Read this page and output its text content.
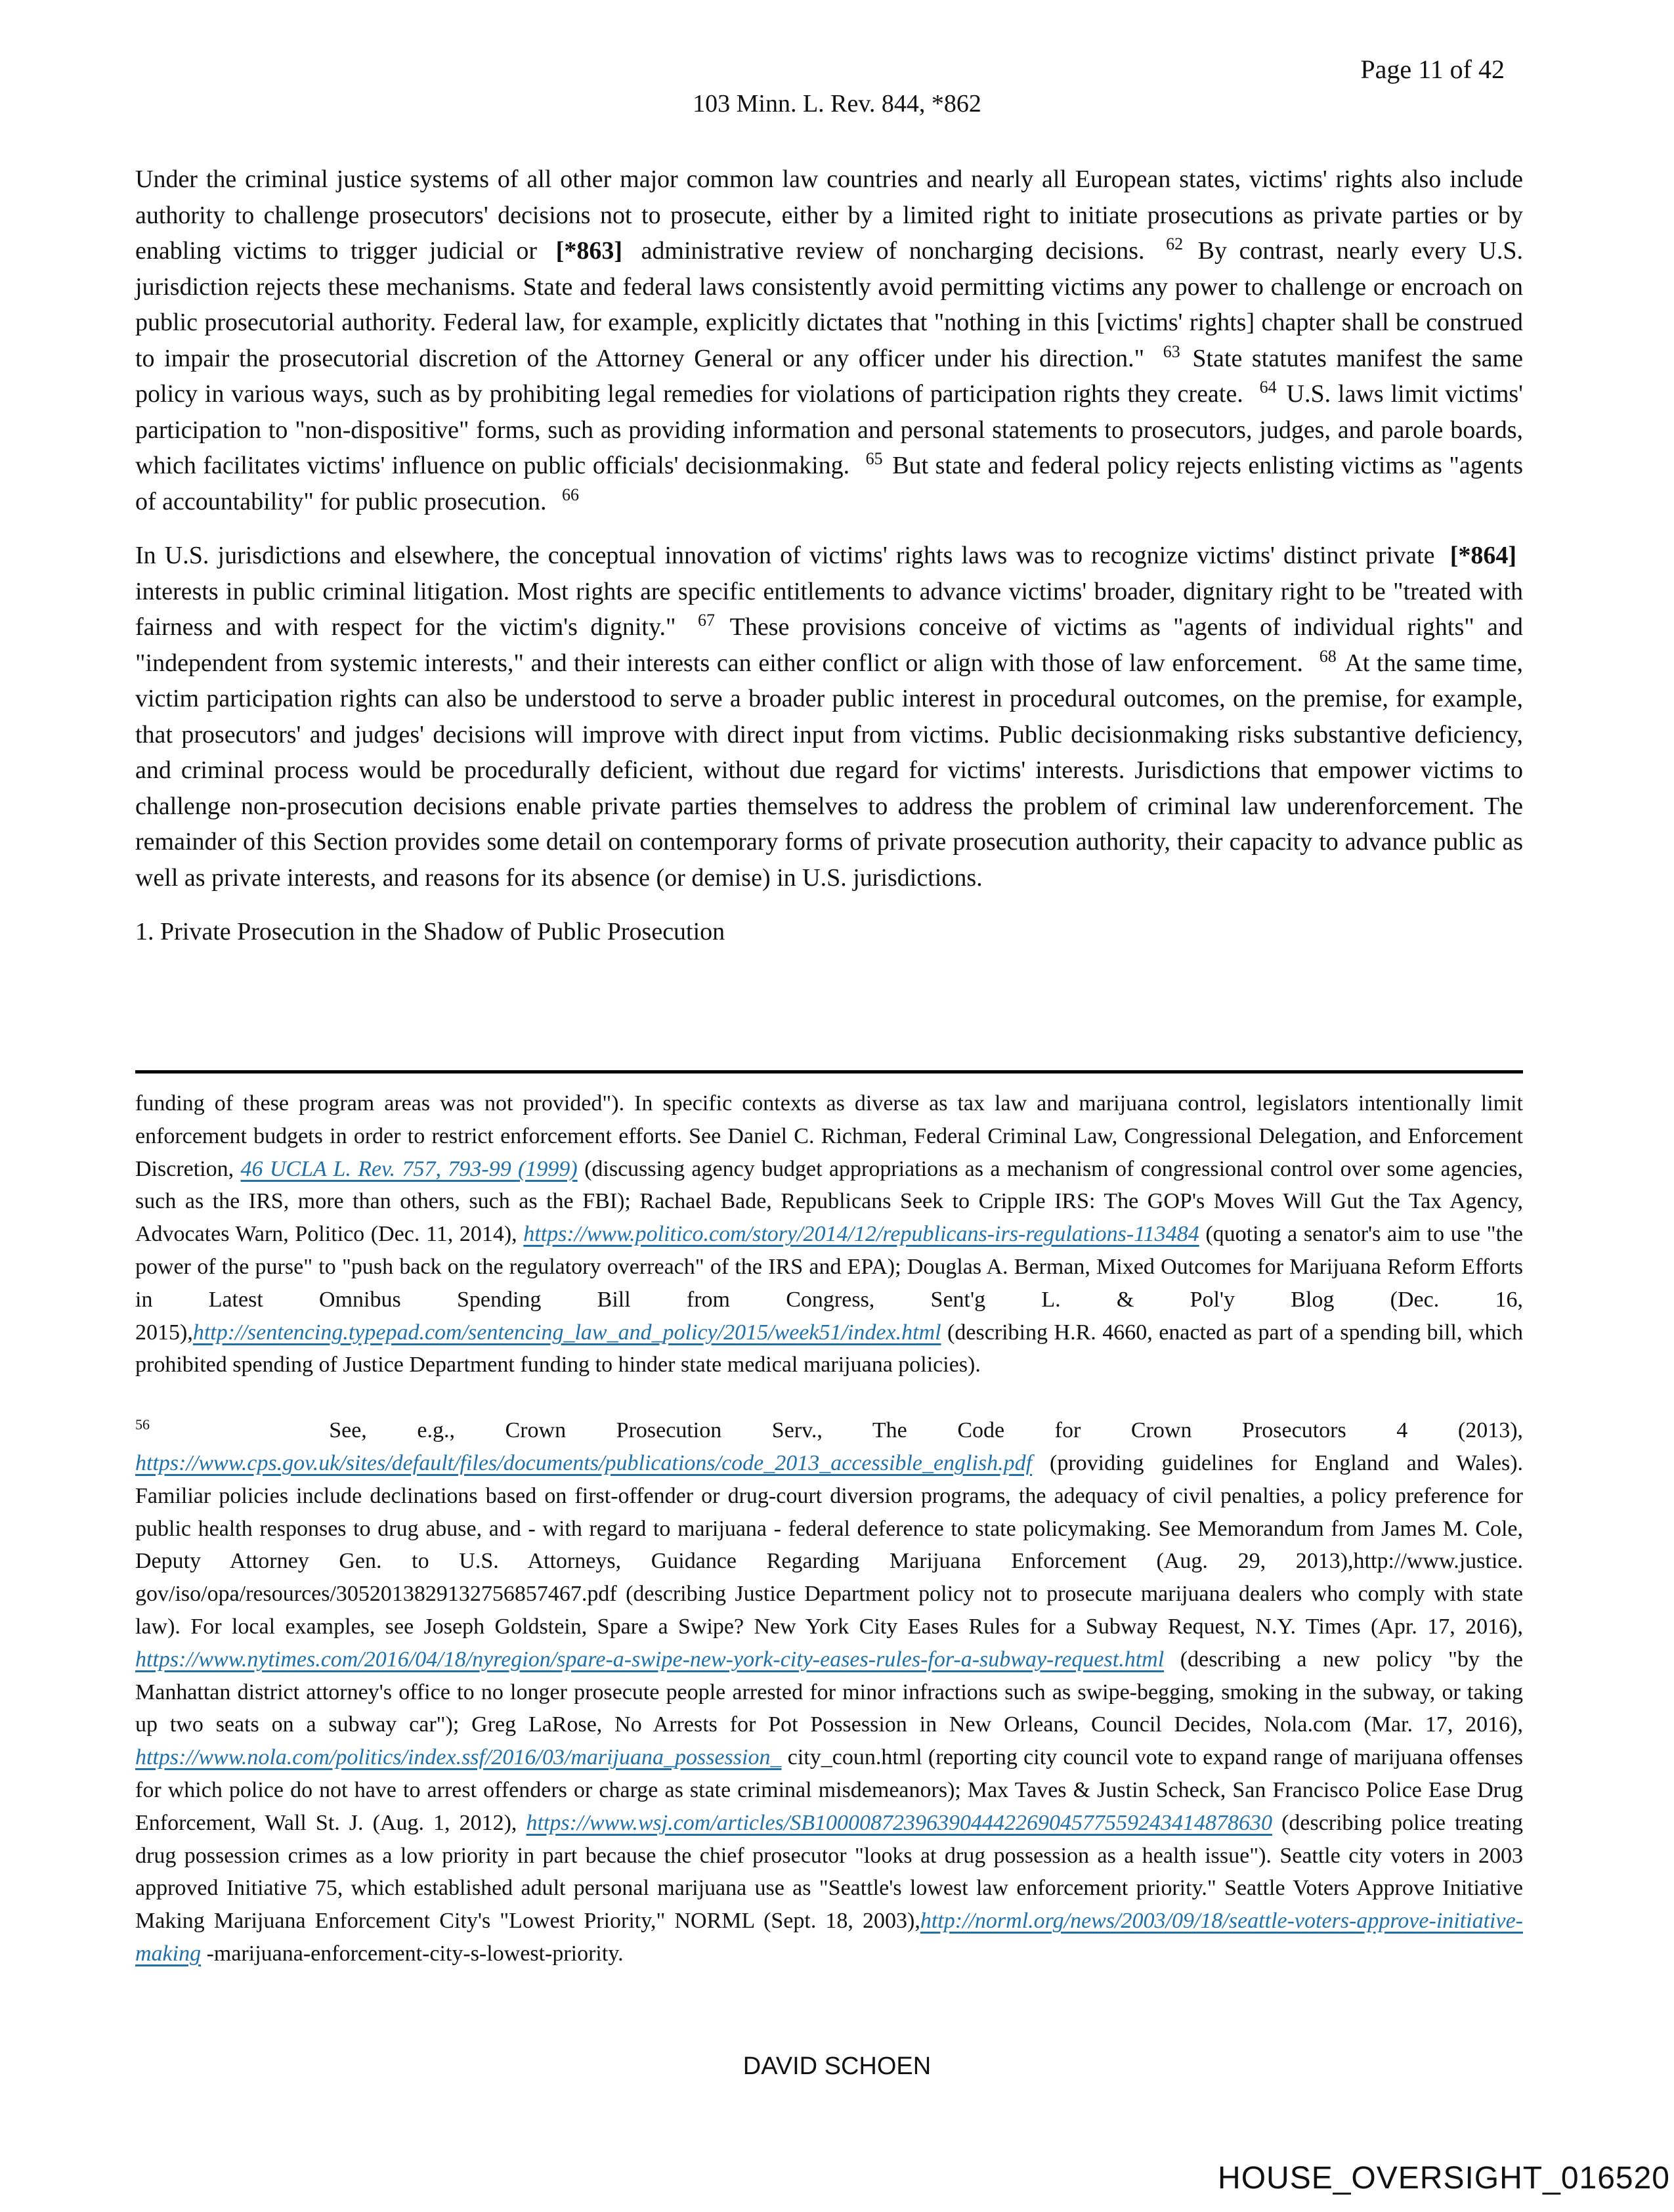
Page 11 of 42
103 Minn. L. Rev. 844, *862

Under the criminal justice systems of all other major common law countries and nearly all European states, victims' rights also include authority to challenge prosecutors' decisions not to prosecute, either by a limited right to initiate prosecutions as private parties or by enabling victims to trigger judicial or [*863] administrative review of noncharging decisions. $^{62}$ By contrast, nearly every U.S. jurisdiction rejects these mechanisms. State and federal laws consistently avoid permitting victims any power to challenge or encroach on public prosecutorial authority. Federal law, for example, explicitly dictates that "nothing in this [victims' rights] chapter shall be construed to impair the prosecutorial discretion of the Attorney General or any officer under his direction." $^{63}$ State statutes manifest the same policy in various ways, such as by prohibiting legal remedies for violations of participation rights they create. $^{64}$ U.S. laws limit victims' participation to "non-dispositive" forms, such as providing information and personal statements to prosecutors, judges, and parole boards, which facilitates victims' influence on public officials' decisionmaking. $^{65}$ But state and federal policy rejects enlisting victims as "agents of accountability" for public prosecution. $^{66}$

In U.S. jurisdictions and elsewhere, the conceptual innovation of victims' rights laws was to recognize victims' distinct private [*864] interests in public criminal litigation. Most rights are specific entitlements to advance victims' broader, dignitary right to be "treated with fairness and with respect for the victim's dignity." $^{67}$ These provisions conceive of victims as "agents of individual rights" and "independent from systemic interests," and their interests can either conflict or align with those of law enforcement. $^{68}$ At the same time, victim participation rights can also be understood to serve a broader public interest in procedural outcomes, on the premise, for example, that prosecutors' and judges' decisions will improve with direct input from victims. Public decisionmaking risks substantive deficiency, and criminal process would be procedurally deficient, without due regard for victims' interests. Jurisdictions that empower victims to challenge non-prosecution decisions enable private parties themselves to address the problem of criminal law underenforcement. The remainder of this Section provides some detail on contemporary forms of private prosecution authority, their capacity to advance public as well as private interests, and reasons for its absence (or demise) in U.S. jurisdictions.

1. Private Prosecution in the Shadow of Public Prosecution

funding of these program areas was not provided"). In specific contexts as diverse as tax law and marijuana control, legislators intentionally limit enforcement budgets in order to restrict enforcement efforts. See Daniel C. Richman, Federal Criminal Law, Congressional Delegation, and Enforcement Discretion, 46 UCLA L. Rev. 757, 793-99 (1999) (discussing agency budget appropriations as a mechanism of congressional control over some agencies, such as the IRS, more than others, such as the FBI); Rachael Bade, Republicans Seek to Cripple IRS: The GOP's Moves Will Gut the Tax Agency, Advocates Warn, Politico (Dec. 11, 2014), https://www.politico.com/story/2014/12/republicans-irs-regulations-113484 (quoting a senator's aim to use "the power of the purse" to "push back on the regulatory overreach" of the IRS and EPA); Douglas A. Berman, Mixed Outcomes for Marijuana Reform Efforts in Latest Omnibus Spending Bill from Congress, Sent'g L. & Pol'y Blog (Dec. 16, 2015),http://sentencing.typepad.com/sentencing_law_and_policy/2015/week51/index.html (describing H.R. 4660, enacted as part of a spending bill, which prohibited spending of Justice Department funding to hinder state medical marijuana policies).

$^{56}$	See, e.g., Crown Prosecution Serv., The Code for Crown Prosecutors 4 (2013), https://www.cps.gov.uk/sites/default/files/documents/publications/code_2013_accessible_english.pdf (providing guidelines for England and Wales). Familiar policies include declinations based on first-offender or drug-court diversion programs, the adequacy of civil penalties, a policy preference for public health responses to drug abuse, and - with regard to marijuana - federal deference to state policymaking. See Memorandum from James M. Cole, Deputy Attorney Gen. to U.S. Attorneys, Guidance Regarding Marijuana Enforcement (Aug. 29, 2013),http://www.justice. gov/iso/opa/resources/3052013829132756857467.pdf (describing Justice Department policy not to prosecute marijuana dealers who comply with state law). For local examples, see Joseph Goldstein, Spare a Swipe? New York City Eases Rules for a Subway Request, N.Y. Times (Apr. 17, 2016), https://www.nytimes.com/2016/04/18/nyregion/spare-a-swipe-new-york-city-eases-rules-for-a-subway-request.html (describing a new policy "by the Manhattan district attorney's office to no longer prosecute people arrested for minor infractions such as swipe-begging, smoking in the subway, or taking up two seats on a subway car"); Greg LaRose, No Arrests for Pot Possession in New Orleans, Council Decides, Nola.com (Mar. 17, 2016), https://www.nola.com/politics/index.ssf/2016/03/marijuana_possession_ city_coun.html (reporting city council vote to expand range of marijuana offenses for which police do not have to arrest offenders or charge as state criminal misdemeanors); Max Taves & Justin Scheck, San Francisco Police Ease Drug Enforcement, Wall St. J. (Aug. 1, 2012), https://www.wsj.com/articles/SB10000872396390444226904577559243414878630 (describing police treating drug possession crimes as a low priority in part because the chief prosecutor "looks at drug possession as a health issue"). Seattle city voters in 2003 approved Initiative 75, which established adult personal marijuana use as "Seattle's lowest law enforcement priority." Seattle Voters Approve Initiative Making Marijuana Enforcement City's "Lowest Priority," NORML (Sept. 18, 2003),http://norml.org/news/2003/09/18/seattle-voters-approve-initiative-making -marijuana-enforcement-city-s-lowest-priority.

DAVID SCHOEN
HOUSE_OVERSIGHT_016520
